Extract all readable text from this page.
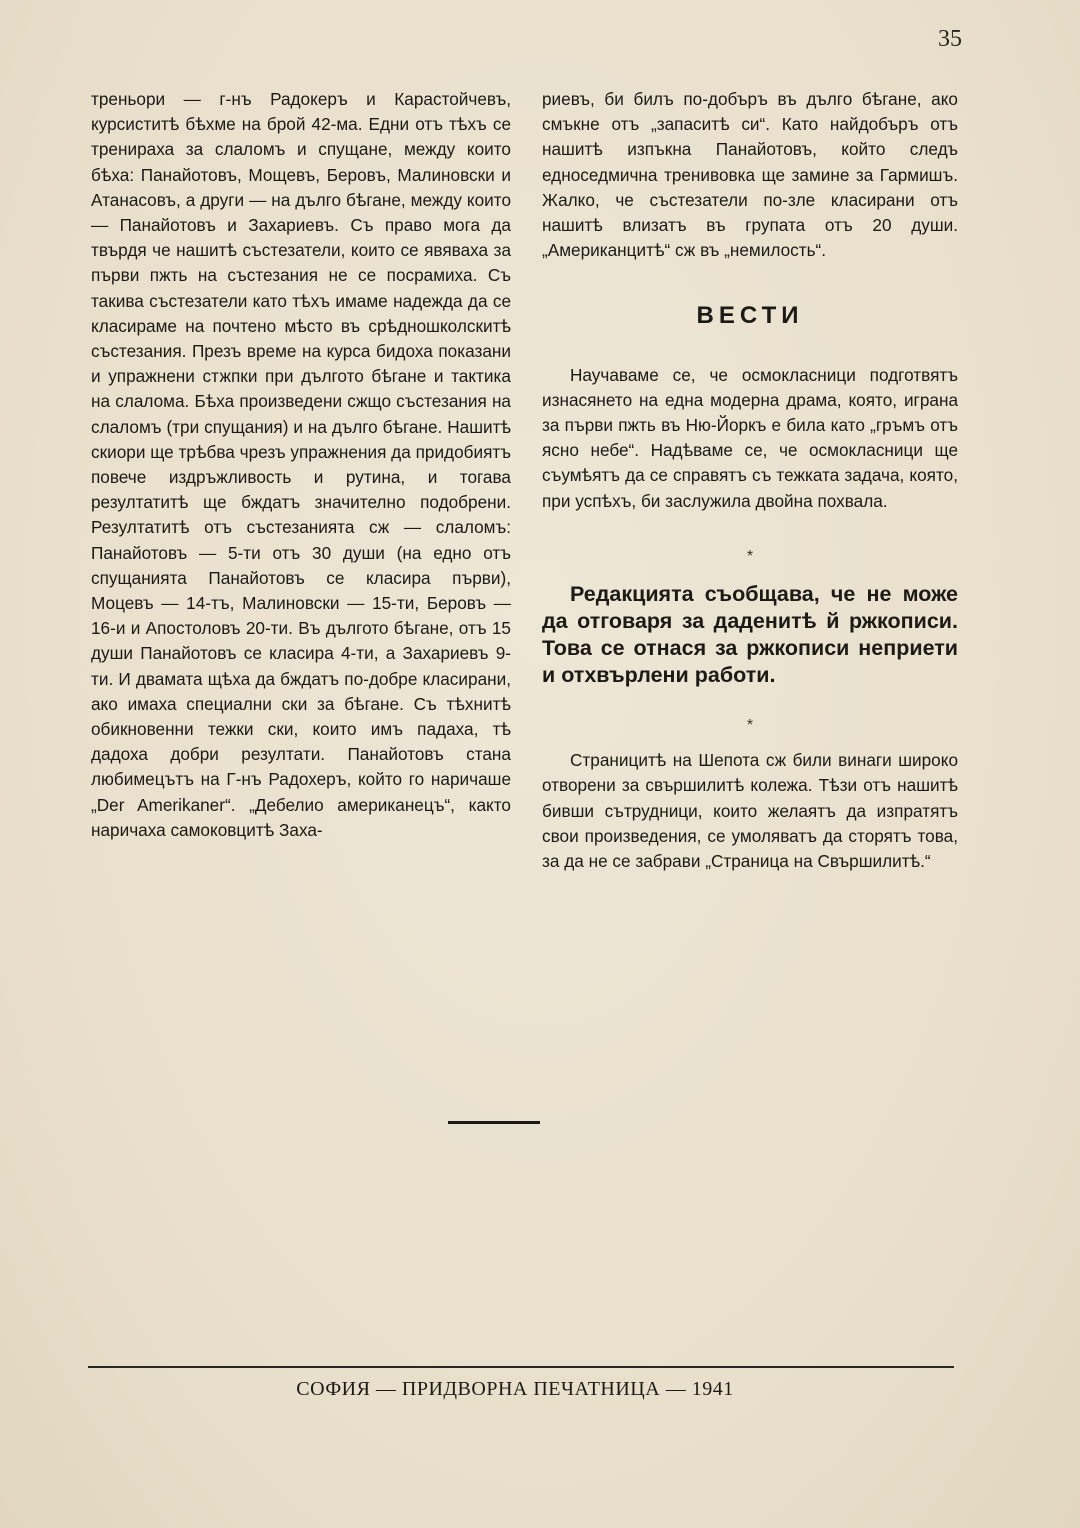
35

треньори — г-нъ Радокеръ и Карастойчевъ, курсиститѣ бѣхме на брой 42-ма. Едни отъ тѣхъ се тренираха за слаломъ и спущане, между които бѣха: Панайотовъ, Мощевъ, Беровъ, Малиновски и Атанасовъ, а други — на дълго бѣгане, между които — Панайотовъ и Захариевъ. Съ право мога да твърдя че нашитѣ състезатели, които се явяваха за първи пжть на състезания не се посрамиха. Съ такива състезатели като тѣхъ имаме надежда да се класираме на почтено мѣсто въ срѣдношколскитѣ състезания. Презъ време на курса бидоха показани и упражнени стжпки при дългото бѣгане и тактика на слалома. Бѣха произведени сжщо състезания на слаломъ (три спущания) и на дълго бѣгане. Нашитѣ скиори ще трѣбва чрезъ упражнения да придобиятъ повече издръжливость и рутина, и тогава резултатитѣ ще бждатъ значително подобрени. Резултатитѣ отъ състезанията сж — слаломъ: Панайотовъ — 5-ти отъ 30 души (на едно отъ спущанията Панайотовъ се класира първи), Моцевъ — 14-тъ, Малиновски — 15-ти, Беровъ — 16-и и Апостоловъ 20-ти. Въ дългото бѣгане, отъ 15 души Панайотовъ се класира 4-ти, а Захариевъ 9-ти. И двамата щѣха да бждатъ по-добре класирани, ако имаха специални ски за бѣгане. Съ тѣхнитѣ обикновенни тежки ски, които имъ падаха, тѣ дадоха добри резултати. Панайотовъ стана любимецътъ на Г-нъ Радохеръ, който го наричаше „Der Amerikaner“. „Дебелио американецъ“, както наричаха самоковцитѣ Заха-

риевъ, би билъ по-добъръ въ дълго бѣгане, ако смъкне отъ „запаситѣ си“. Като найдобъръ отъ нашитѣ изпъкна Панайотовъ, който следъ едноседмична тренивовка ще замине за Гармишъ. Жалко, че състезатели по-зле класирани отъ нашитѣ влизатъ въ групата отъ 20 души. „Американцитѣ“ сж въ „немилость“.

ВЕСТИ

Научаваме се, че осмокласници подготвятъ изнасянето на една модерна драма, която, играна за първи пжть въ Ню-Йоркъ е била като „гръмъ отъ ясно небе“. Надѣваме се, че осмокласници ще съумѣятъ да се справятъ съ тежката задача, която, при успѣхъ, би заслужила двойна похвала.

*

Редакцията съобщава, че не може да отговаря за даденитѣ й ржкописи. Това се отнася за ржкописи неприети и отхвърлени работи.

*

Страницитѣ на Шепота сж били винаги широко отворени за свършилитѣ колежа. Тѣзи отъ нашитѣ бивши сътрудници, които желаятъ да изпратятъ свои произведения, се умоляватъ да сторятъ това, за да не се забрави „Страница на Свършилитѣ.“

СОФИЯ — ПРИДВОРНА ПЕЧАТНИЦА — 1941
